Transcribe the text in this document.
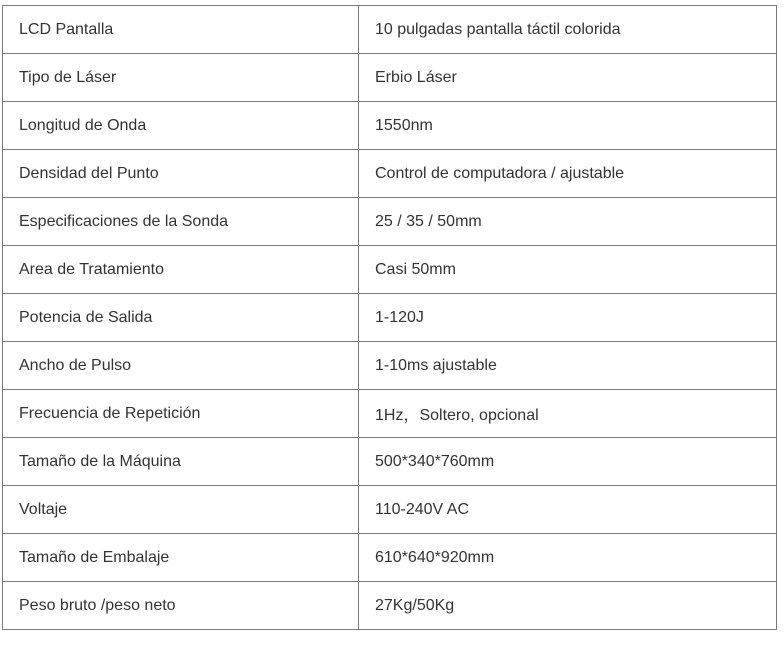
LCD Pantalla	10 pulgadas pantalla táctil colorida
Tipo de Láser	Erbio Láser
Longitud de Onda	1550nm
Densidad del Punto	Control de computadora / ajustable
Especificaciones de la Sonda	25 / 35 / 50mm
Area de Tratamiento	Casi 50mm
Potencia de Salida	1-120J
Ancho de Pulso	1-10ms ajustable
Frecuencia de Repetición	1Hz，Soltero, opcional
Tamaño de la Máquina	500*340*760mm
Voltaje	110-240V AC
Tamaño de Embalaje	610*640*920mm
Peso bruto /peso neto	27Kg/50Kg
